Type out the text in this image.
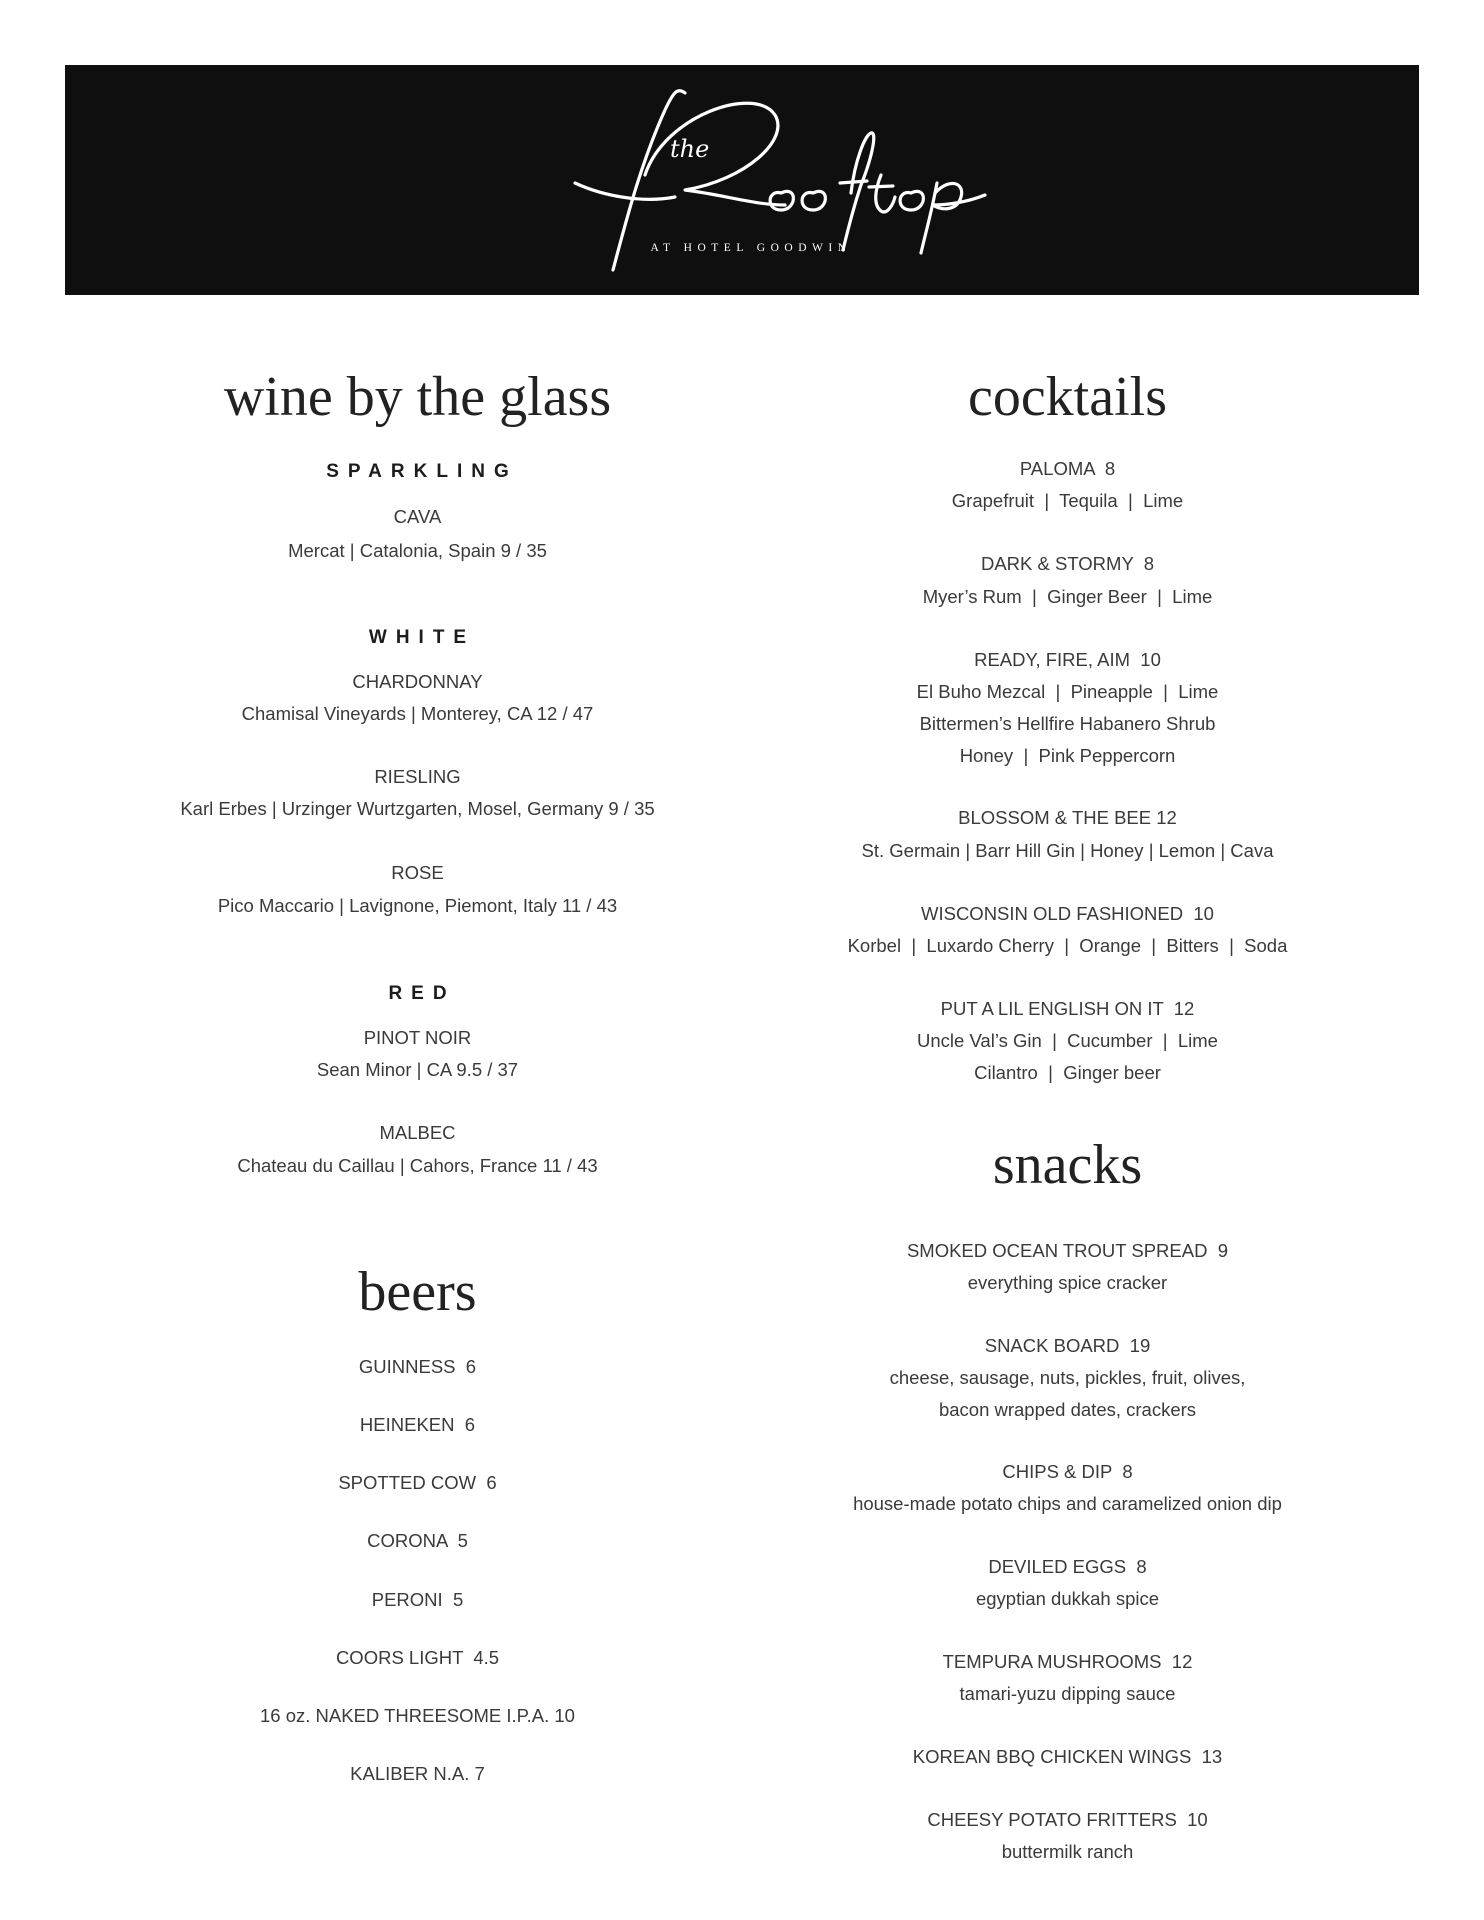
the
AT HOTEL GOODWIN
wine by the glass
SPARKLING
CAVA
Mercat | Catalonia, Spain 9 / 35
WHITE
CHARDONNAY
Chamisal Vineyards | Monterey, CA 12 / 47
RIESLING
Karl Erbes | Urzinger Wurtzgarten, Mosel, Germany 9 / 35
ROSE
Pico Maccario | Lavignone, Piemont, Italy 11 / 43
RED
PINOT NOIR
Sean Minor | CA 9.5 / 37
MALBEC
Chateau du Caillau | Cahors, France 11 / 43
beers
GUINNESS  6
HEINEKEN  6
SPOTTED COW  6
CORONA  5
PERONI  5
COORS LIGHT  4.5
16 oz. NAKED THREESOME I.P.A. 10
KALIBER N.A. 7
cocktails
PALOMA  8
Grapefruit  |  Tequila  |  Lime
DARK & STORMY  8
Myer’s Rum  |  Ginger Beer  |  Lime
READY, FIRE, AIM  10
El Buho Mezcal  |  Pineapple  |  Lime
Bittermen’s Hellfire Habanero Shrub
Honey  |  Pink Peppercorn
BLOSSOM & THE BEE 12
St. Germain | Barr Hill Gin | Honey | Lemon | Cava
WISCONSIN OLD FASHIONED  10
Korbel  |  Luxardo Cherry  |  Orange  |  Bitters  |  Soda
PUT A LIL ENGLISH ON IT  12
Uncle Val’s Gin  |  Cucumber  |  Lime
Cilantro  |  Ginger beer
snacks
SMOKED OCEAN TROUT SPREAD  9
everything spice cracker
SNACK BOARD  19
cheese, sausage, nuts, pickles, fruit, olives,
bacon wrapped dates, crackers
CHIPS & DIP  8
house-made potato chips and caramelized onion dip
DEVILED EGGS  8
egyptian dukkah spice
TEMPURA MUSHROOMS  12
tamari-yuzu dipping sauce
KOREAN BBQ CHICKEN WINGS  13
CHEESY POTATO FRITTERS  10
buttermilk ranch
